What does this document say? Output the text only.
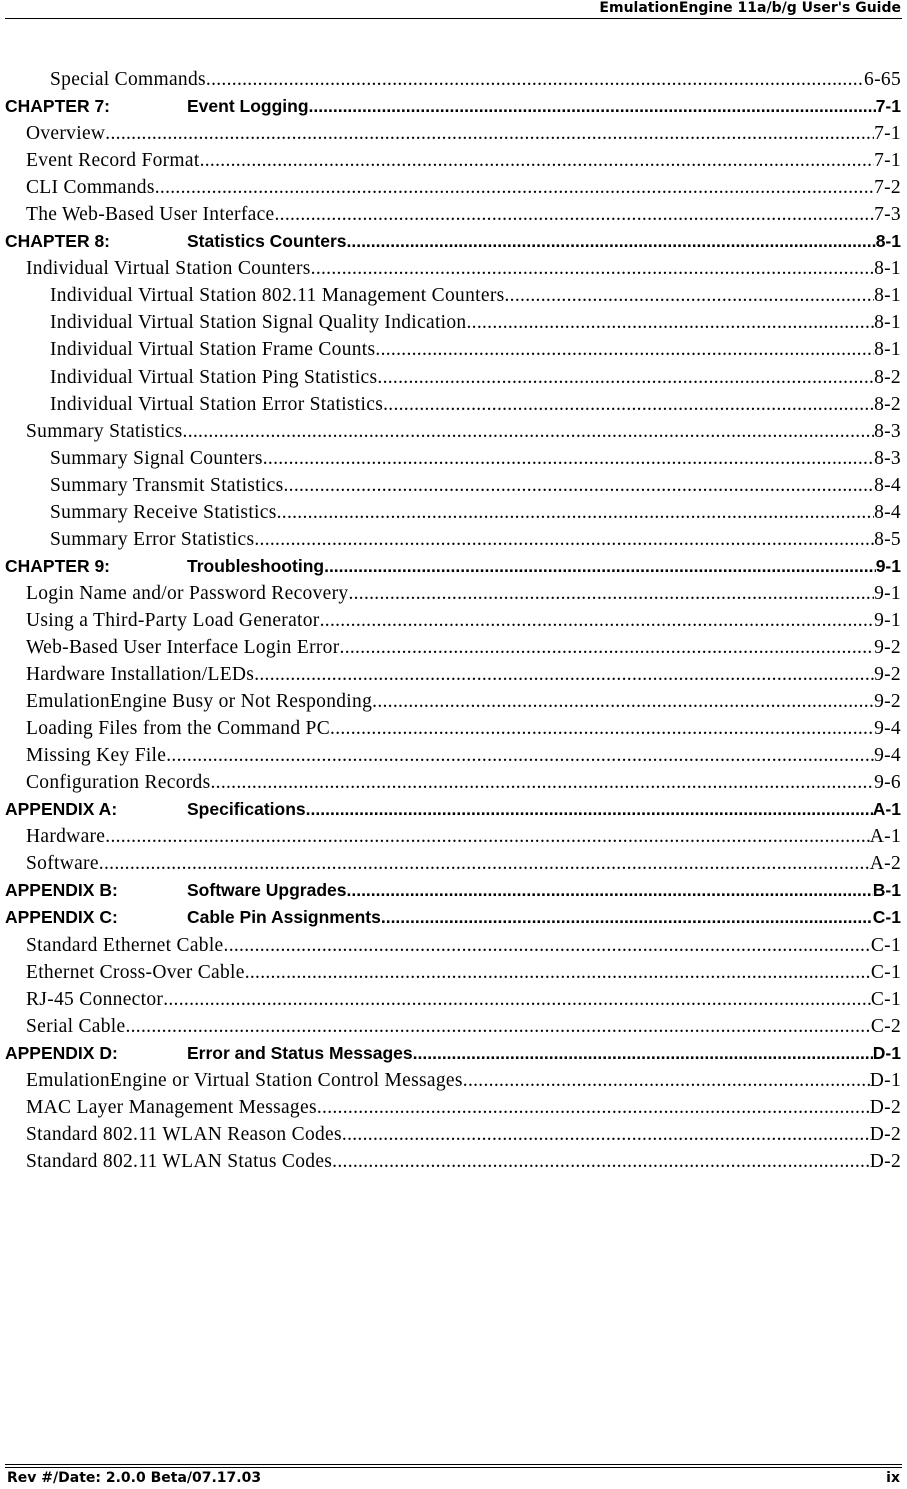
EmulationEngine 11a/b/g User's Guide
Special Commands .....	6-65
CHAPTER 7:	Event Logging .....	7-1
Overview .....	7-1
Event Record Format .....	7-1
CLI Commands .....	7-2
The Web-Based User Interface .....	7-3
CHAPTER 8:	Statistics Counters .....	8-1
Individual Virtual Station Counters .....	8-1
Individual Virtual Station 802.11 Management Counters .....	8-1
Individual Virtual Station Signal Quality Indication .....	8-1
Individual Virtual Station Frame Counts .....	8-1
Individual Virtual Station Ping Statistics .....	8-2
Individual Virtual Station Error Statistics .....	8-2
Summary Statistics .....	8-3
Summary Signal Counters .....	8-3
Summary Transmit Statistics .....	8-4
Summary Receive Statistics .....	8-4
Summary Error Statistics .....	8-5
CHAPTER 9:	Troubleshooting .....	9-1
Login Name and/or Password Recovery .....	9-1
Using a Third-Party Load Generator .....	9-1
Web-Based User Interface Login Error .....	9-2
Hardware Installation/LEDs .....	9-2
EmulationEngine Busy or Not Responding .....	9-2
Loading Files from the Command PC .....	9-4
Missing Key File .....	9-4
Configuration Records .....	9-6
APPENDIX A:	Specifications .....	A-1
Hardware .....	A-1
Software .....	A-2
APPENDIX B:	Software Upgrades .....	B-1
APPENDIX C:	Cable Pin Assignments .....	C-1
Standard Ethernet Cable .....	C-1
Ethernet Cross-Over Cable .....	C-1
RJ-45 Connector .....	C-1
Serial Cable .....	C-2
APPENDIX D:	Error and Status Messages .....	D-1
EmulationEngine or Virtual Station Control Messages .....	D-1
MAC Layer Management Messages .....	D-2
Standard 802.11 WLAN Reason Codes .....	D-2
Standard 802.11 WLAN Status Codes .....	D-2
Rev #/Date: 2.0.0 Beta/07.17.03	ix
